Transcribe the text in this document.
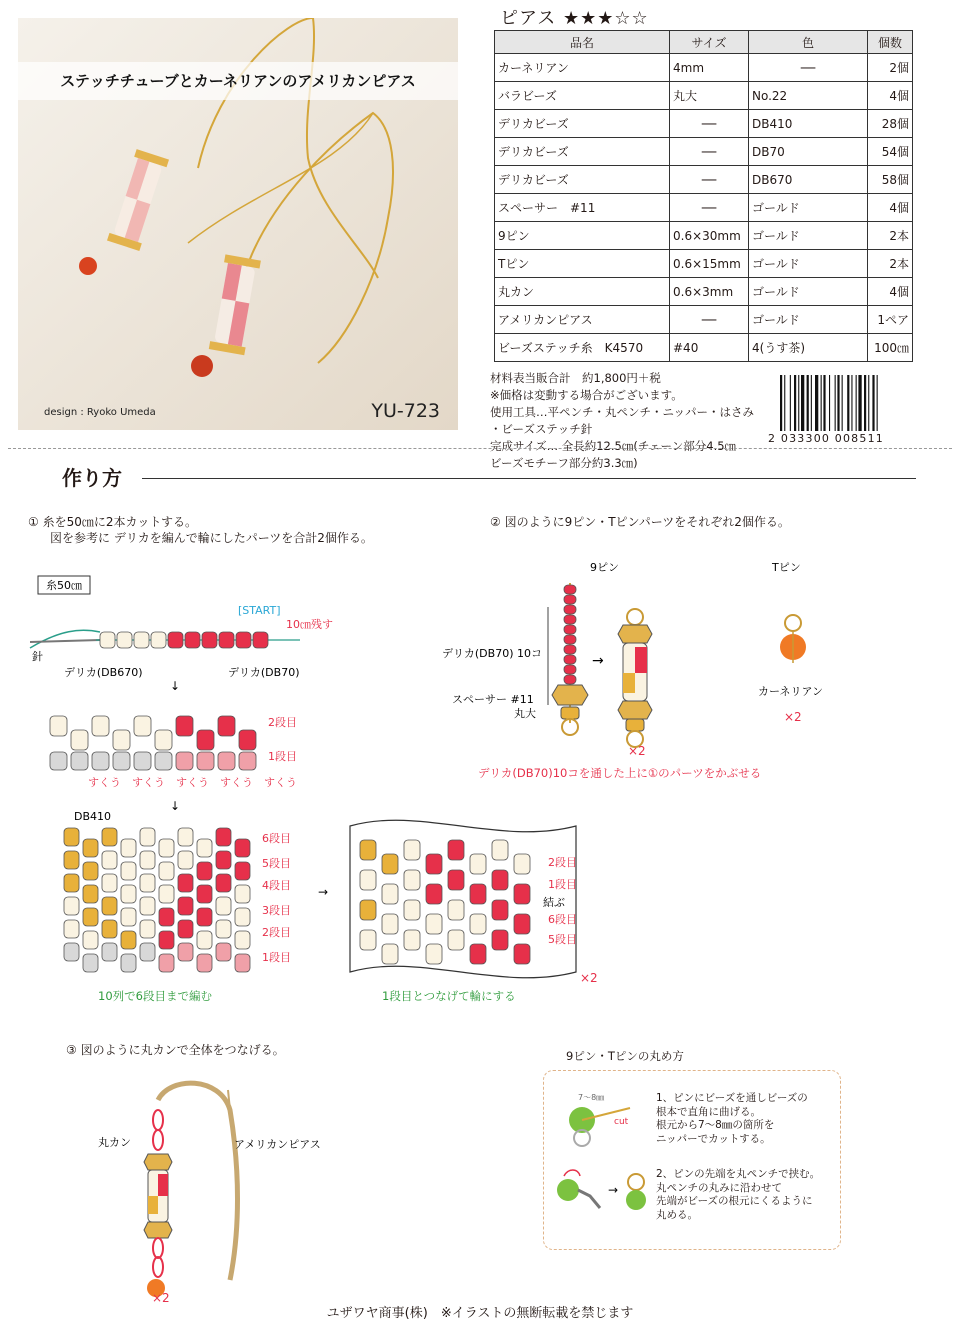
ステッチチューブとカーネリアンのアメリカンピアス
design : Ryoko Umeda	YU-723
ピアス ★★★☆☆
品名	サイズ	色	個数
カーネリアン	4mm	──	2個
バラビーズ	丸大	No.22	4個
デリカビーズ	──	DB410	28個
デリカビーズ	──	DB70	54個
デリカビーズ	──	DB670	58個
スペーサー　#11	──	ゴールド	4個
9ピン	0.6×30mm	ゴールド	2本
Tピン	0.6×15mm	ゴールド	2本
丸カン	0.6×3mm	ゴールド	4個
アメリカンピアス	──	ゴールド	1ペア
ビーズステッチ糸　K4570	#40	4(うす茶)	100㎝
材料表当販合計　約1,800円＋税
※価格は変動する場合がございます。
使用工具…平ペンチ・丸ペンチ・ニッパー・はさみ
・ビーズステッチ針
完成サイズ… 全長約12.5㎝(チェーン部分4.5㎝
ビーズモチーフ部分約3.3㎝)
2 033300 008511
作り方
① 糸を50㎝に2本カットする。
図を参考に デリカを編んで輪にしたパーツを合計2個作る。
② 図のように9ピン・Tピンパーツをそれぞれ2個作る。
糸50㎝
[START]
10㎝残す
針
デリカ(DB670)	デリカ(DB70)
↓
2段目
1段目
すくう　すくう　すくう　すくう　すくう
↓
DB410
6段目
5段目
4段目
3段目
2段目
1段目
10列で6段目まで編む
→
2段目
1段目
6段目
5段目
結ぶ
1段目とつなげて輪にする
×2
9ピン	Tピン
デリカ(DB70) 10コ
スペーサー #11
丸大
→
×2
カーネリアン
×2
デリカ(DB70)10コを通した上に①のパーツをかぶせる
③ 図のように丸カンで全体をつなげる。
丸カン	アメリカンピアス
×2
9ピン・Tピンの丸め方
7～8㎜
cut
→
1、ピンにビーズを通しビーズの
根本で直角に曲げる。
根元から7～8㎜の箇所を
ニッパーでカットする。
2、ピンの先端を丸ペンチで挟む。
丸ペンチの丸みに沿わせて
先端がビーズの根元にくるように
丸める。
ユザワヤ商事(株)　※イラストの無断転載を禁じます
